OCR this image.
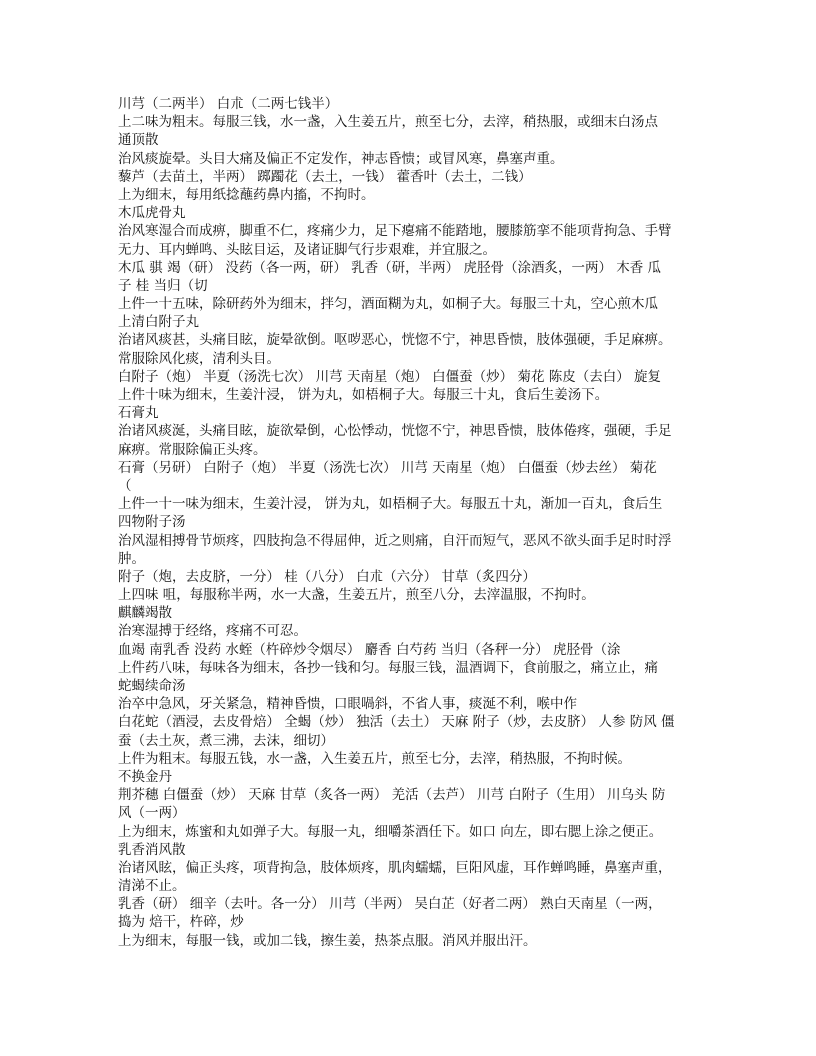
川芎（二两半） 白朮（二两七钱半）
上二味为粗末。每服三钱，水一盏，入生姜五片，煎至七分，去滓，稍热服，或细末白汤点
通顶散
治风痰旋晕。头目大痛及偏正不定发作，神志昏愦；或冒风寒，鼻塞声重。
藜芦（去苗土，半两） 踯躅花（去土，一钱） 藿香叶（去土，二钱）
上为细末，每用纸捻蘸药鼻内搐，不拘时。
木瓜虎骨丸
治风寒湿合而成痹，脚重不仁，疼痛少力，足下瘪痛不能踏地，腰膝筋挛不能项背拘急、手臂
无力、耳内蝉鸣、头眩目运，及诸证脚气行步艰难，并宜服之。
木瓜 骐 竭（研） 没药（各一两，研） 乳香（研，半两） 虎胫骨（涂酒炙，一两） 木香 瓜
子 桂 当归（切
上件一十五味，除研药外为细末，拌匀，酒面糊为丸，如桐子大。每服三十丸，空心煎木瓜
上清白附子丸
治诸风痰甚，头痛目眩，旋晕欲倒。呕哕恶心，恍惚不宁，神思昏愦，肢体强硬，手足麻痹。
常服除风化痰，清利头目。
白附子（炮） 半夏（汤洗七次） 川芎 天南星（炮） 白僵蚕（炒） 菊花 陈皮（去白） 旋复
上件十味为细末，生姜汁浸， 饼为丸，如梧桐子大。每服三十丸，食后生姜汤下。
石膏丸
治诸风痰涎，头痛目眩，旋欲晕倒，心忪悸动，恍惚不宁，神思昏愦，肢体倦疼，强硬，手足
麻痹。常服除偏正头疼。
石膏（另研） 白附子（炮） 半夏（汤洗七次） 川芎 天南星（炮） 白僵蚕（炒去丝） 菊花
（
上件一十一味为细末，生姜汁浸， 饼为丸，如梧桐子大。每服五十丸，渐加一百丸，食后生
四物附子汤
治风湿相搏骨节烦疼，四肢拘急不得屈伸，近之则痛，自汗而短气，恶风不欲头面手足时时浮
肿。
附子（炮，去皮脐，一分） 桂（八分） 白朮（六分） 甘草（炙四分）
上四味 咀，每服称半两，水一大盏，生姜五片，煎至八分，去滓温服，不拘时。
麒麟竭散
治寒湿搏于经络，疼痛不可忍。
血竭 南乳香 没药 水蛭（杵碎炒令烟尽） 麝香 白芍药 当归（各秤一分） 虎胫骨（涂
上件药八味，每味各为细末，各抄一钱和匀。每服三钱，温酒调下，食前服之，痛立止，痛
蛇蝎续命汤
治卒中急风，牙关紧急，精神昏愦，口眼喎斜，不省人事，痰涎不利，喉中作
白花蛇（酒浸，去皮骨焙） 全蝎（炒） 独活（去土） 天麻 附子（炒，去皮脐） 人参 防风 僵
蚕（去土灰，煮三沸，去沫，细切）
上件为粗末。每服五钱，水一盏，入生姜五片，煎至七分，去滓，稍热服，不拘时候。
不换金丹
荆芥穗 白僵蚕（炒） 天麻 甘草（炙各一两） 羌活（去芦） 川芎 白附子（生用） 川乌头 防
风（一两）
上为细末，炼蜜和丸如弹子大。每服一丸，细嚼茶酒任下。如口 向左，即右腮上涂之便正。
乳香消风散
治诸风眩，偏正头疼，项背拘急，肢体烦疼，肌肉蠕蠕，巨阳风虚，耳作蝉鸣睡，鼻塞声重，
清涕不止。
乳香（研） 细辛（去叶。各一分） 川芎（半两） 吴白芷（好者二两） 熟白天南星（一两，
捣为 焙干，杵碎，炒
上为细末，每服一钱，或加二钱，擦生姜，热茶点服。消风并服出汗。
